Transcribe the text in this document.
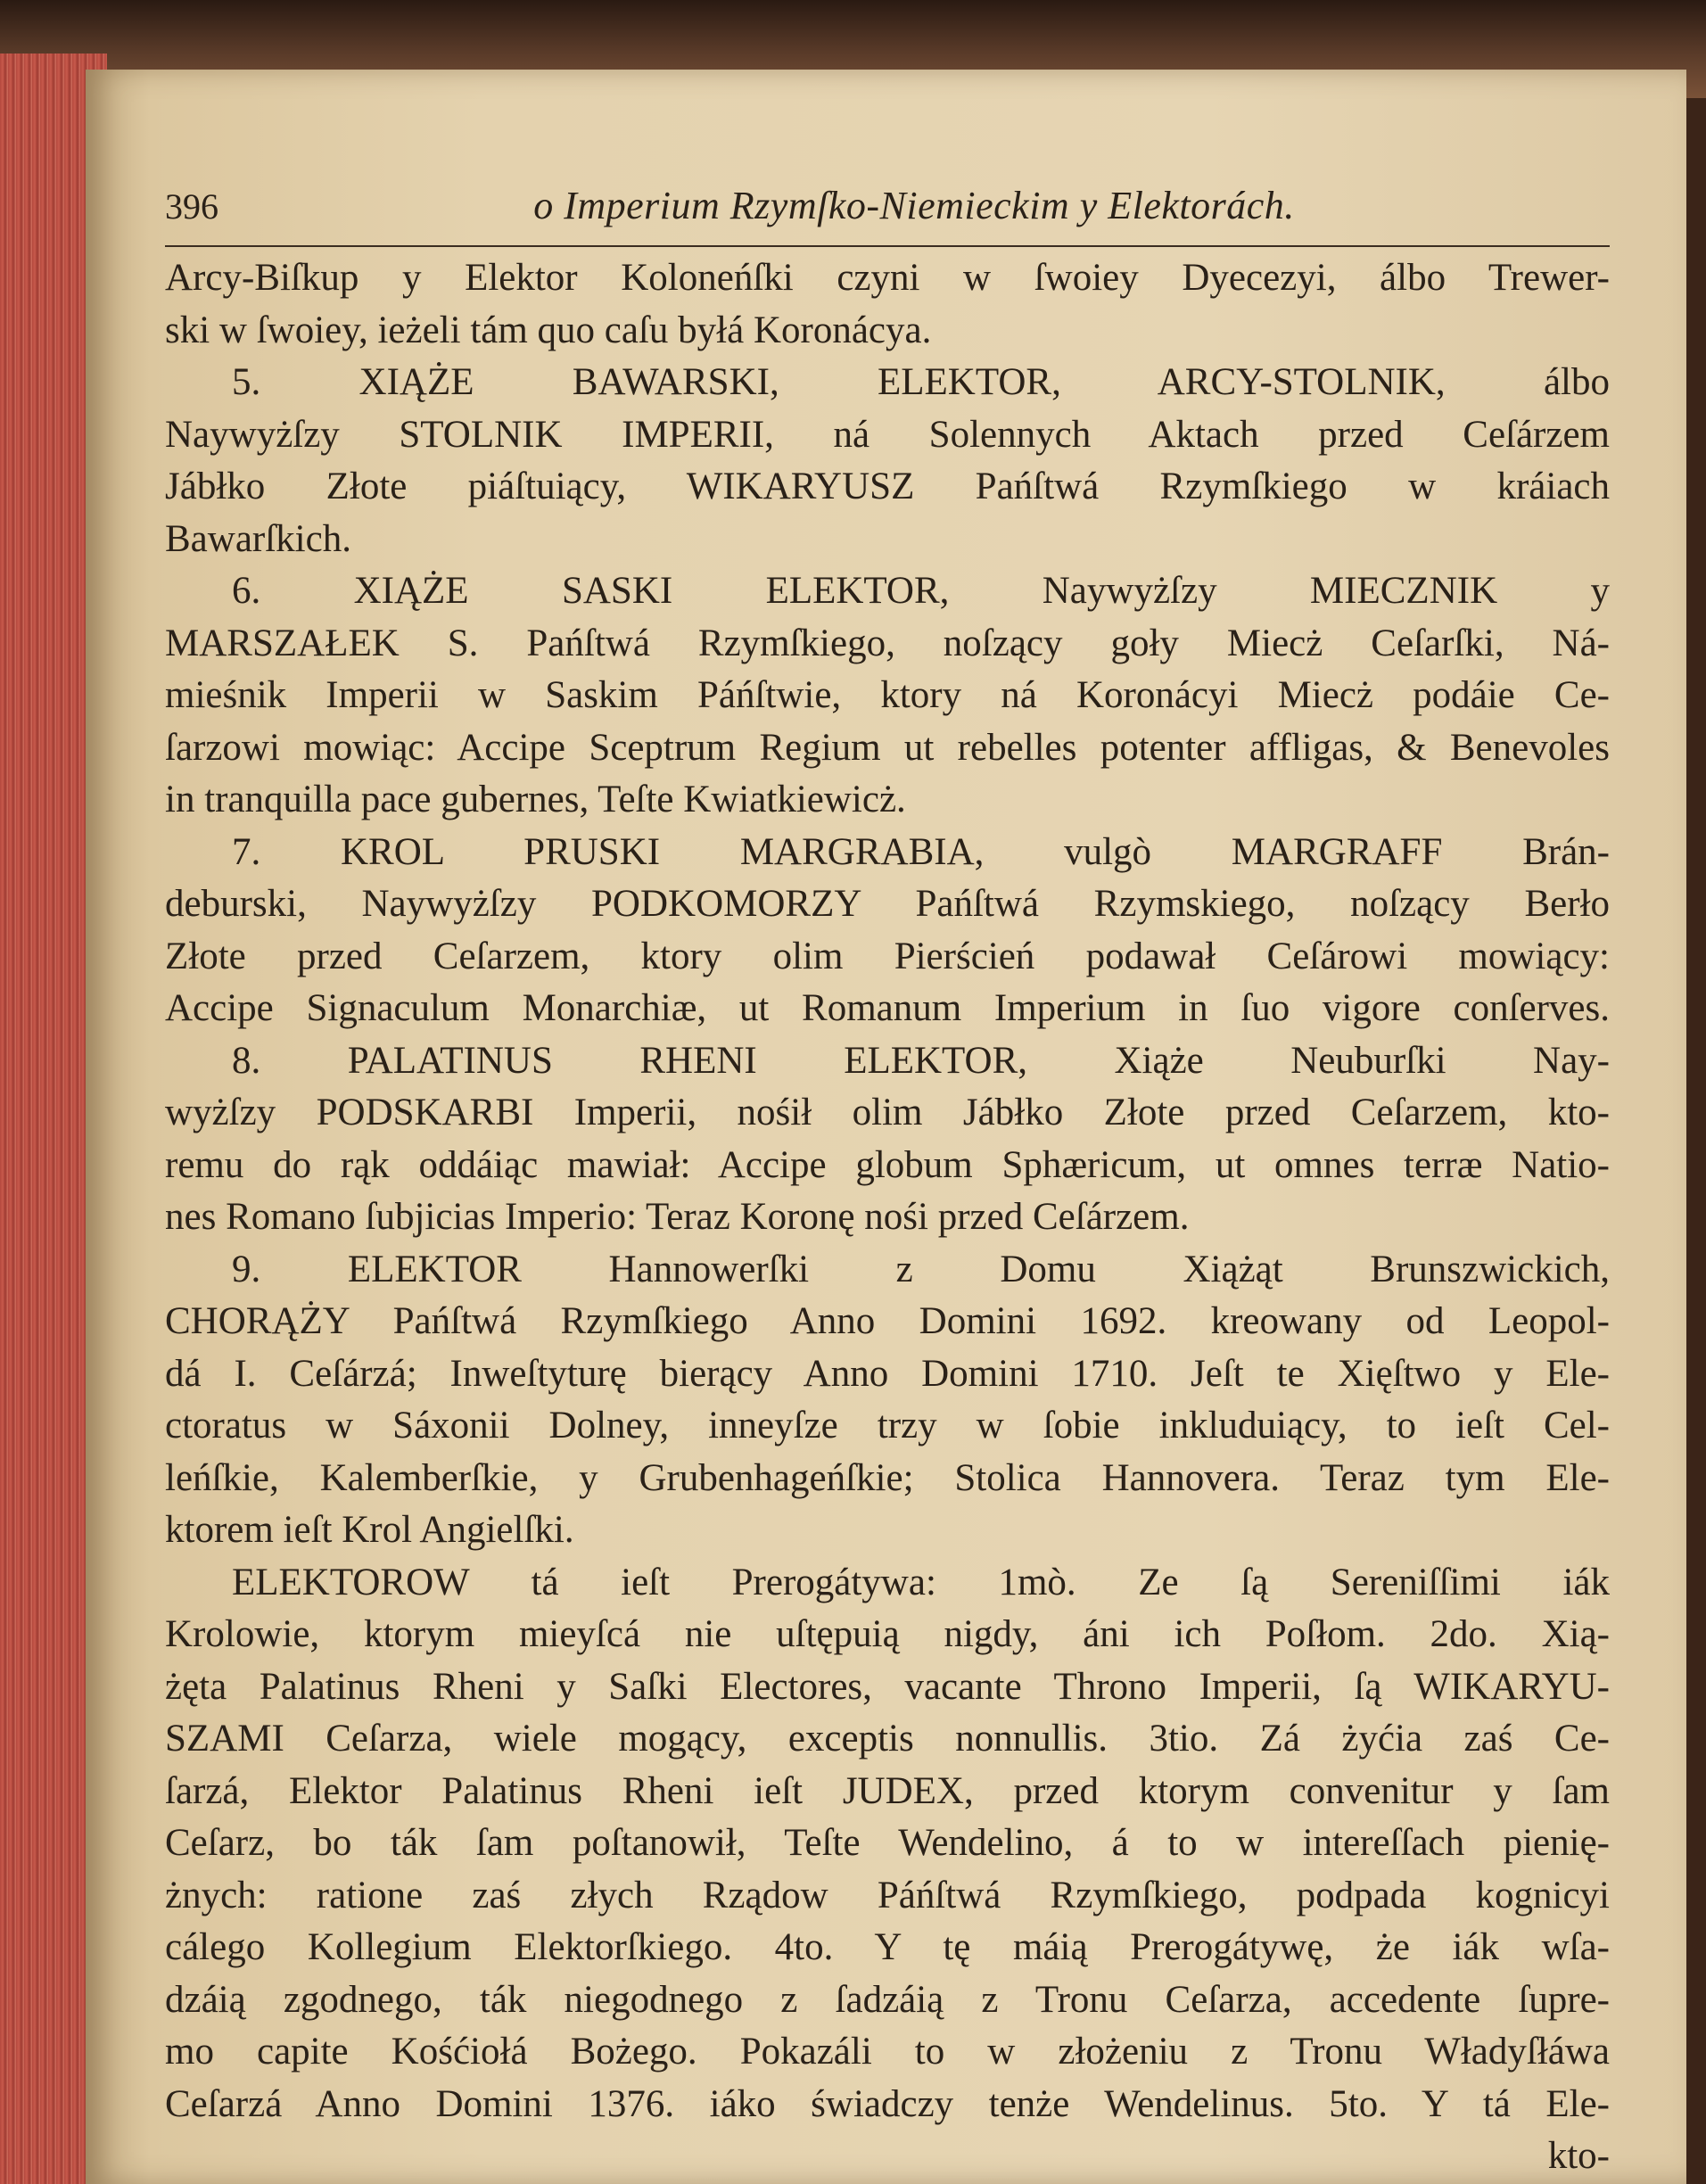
396	o Imperium Rzymſko-Niemieckim y Elektorách.
Arcy-Biſkup y Elektor Koloneńſki czyni w ſwoiey Dyecezyi, álbo Trewer-
ski w ſwoiey, ieżeli tám quo caſu byłá Koronácya.
5. XIĄŻE BAWARSKI, ELEKTOR, ARCY-STOLNIK, álbo
Naywyżſzy STOLNIK IMPERII, ná Solennych Aktach przed Ceſárzem
Jábłko Złote piáſtuiący, WIKARYUSZ Pańſtwá Rzymſkiego w kráiach
Bawarſkich.
6. XIĄŻE SASKI ELEKTOR, Naywyżſzy MIECZNIK y
MARSZAŁEK S. Pańſtwá Rzymſkiego, noſzący goły Miecż Ceſarſki, Ná-
mieśnik Imperii w Saskim Páńſtwie, ktory ná Koronácyi Miecż podáie Ce-
ſarzowi mowiąc: Accipe Sceptrum Regium ut rebelles potenter affligas, & Benevoles
in tranquilla pace gubernes, Teſte Kwiatkiewicż.
7. KROL PRUSKI MARGRABIA, vulgò MARGRAFF Brán-
deburski, Naywyżſzy PODKOMORZY Pańſtwá Rzymskiego, noſzący Berło
Złote przed Ceſarzem, ktory olim Pierścień podawał Ceſárowi mowiący:
Accipe Signaculum Monarchiæ, ut Romanum Imperium in ſuo vigore conſerves.
8. PALATINUS RHENI ELEKTOR, Xiąże Neuburſki Nay-
wyżſzy PODSKARBI Imperii, nośił olim Jábłko Złote przed Ceſarzem, kto-
remu do rąk oddáiąc mawiał: Accipe globum Sphæricum, ut omnes terræ Natio-
nes Romano ſubjicias Imperio: Teraz Koronę nośi przed Ceſárzem.
9. ELEKTOR Hannowerſki z Domu Xiążąt Brunszwickich,
CHORĄŻY Pańſtwá Rzymſkiego Anno Domini 1692. kreowany od Leopol-
dá I. Ceſárzá; Inweſtyturę bierący Anno Domini 1710. Jeſt te Xięſtwo y Ele-
ctoratus w Sáxonii Dolney, inneyſze trzy w ſobie inkluduiący, to ieſt Cel-
leńſkie, Kalemberſkie, y Grubenhageńſkie; Stolica Hannovera. Teraz tym Ele-
ktorem ieſt Krol Angielſki.
ELEKTOROW tá ieſt Prerogátywa: 1mò. Ze ſą Sereniſſimi iák
Krolowie, ktorym mieyſcá nie uſtępuią nigdy, áni ich Poſłom. 2do. Xią-
żęta Palatinus Rheni y Saſki Electores, vacante Throno Imperii, ſą WIKARYU-
SZAMI Ceſarza, wiele mogący, exceptis nonnullis. 3tio. Zá żyćia zaś Ce-
ſarzá, Elektor Palatinus Rheni ieſt JUDEX, przed ktorym convenitur y ſam
Ceſarz, bo ták ſam poſtanowił, Teſte Wendelino, á to w intereſſach pienię-
żnych: ratione zaś złych Rządow Páńſtwá Rzymſkiego, podpada kognicyi
cálego Kollegium Elektorſkiego. 4to. Y tę máią Prerogátywę, że iák wſa-
dzáią zgodnego, ták niegodnego z ſadzáią z Tronu Ceſarza, accedente ſupre-
mo capite Kośćiołá Bożego. Pokazáli to w złożeniu z Tronu Władyſłáwa
Ceſarzá Anno Domini 1376. iáko świadczy tenże Wendelinus. 5to. Y tá Ele-
kto-
